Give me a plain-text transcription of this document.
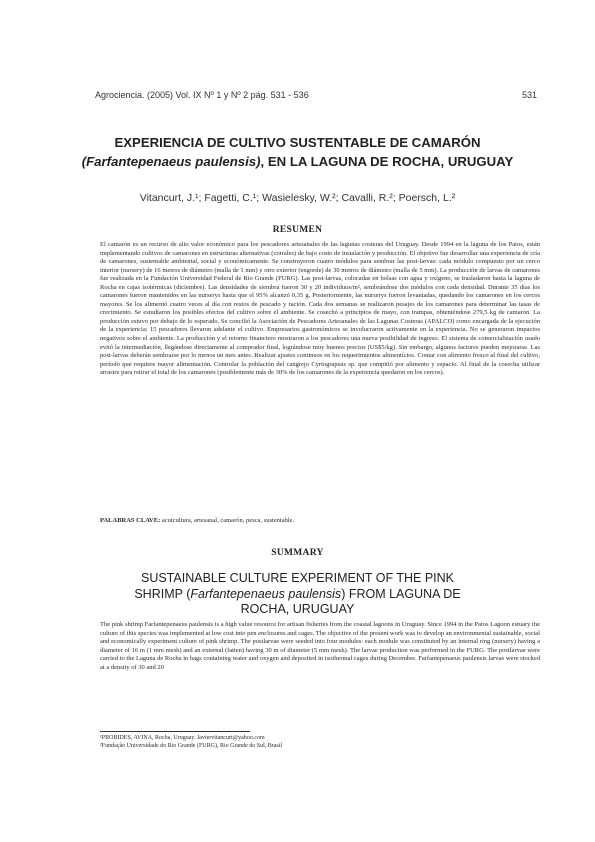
Agrociencia. (2005) Vol. IX Nº 1 y Nº 2 pág. 531 - 536	531
EXPERIENCIA DE CULTIVO SUSTENTABLE DE CAMARÓN
(Farfantepenaeus paulensis), EN LA LAGUNA DE ROCHA, URUGUAY
Vitancurt, J.¹; Fagetti, C.¹; Wasielesky, W.²; Cavalli, R.²; Poersch, L.²
RESUMEN

El camarón es un recurso de alto valor económico para los pescadores artesanales de las lagunas costeras del Uruguay. Desde 1994 en la laguna de los Patos, están implementando cultivos de camarones en estructuras alternativas (corrales) de bajo costo de instalación y producción. El objetivo fue desarrollar una experiencia de cría de camarones, sustentable ambiental, social y económicamente. Se construyeron cuatro módulos para sembrar las post-larvas: cada módulo compuesto por un cerco interior (nursery) de 16 metros de diámetro (malla de 1 mm) y otro exterior (engorde) de 30 metros de diámetro (malla de 5 mm). La producción de larvas de camarones fue realizada en la Fundación Universidad Federal de Río Grande (FURG). Las post-larvas, colocadas en bolsas con agua y oxígeno, se trasladaron hasta la laguna de Rocha en cajas isotérmicas (diciembre). Las densidades de siembra fueron 30 y 20 individuos/m², sembrándose dos módulos con cada densidad. Durante 35 días los camarones fueron mantenidos en las nurserys hasta que el 95% alcanzó 0,35 g. Posteriormente, las nurserys fueron levantadas, quedando los camarones en los cercos mayores. Se los alimentó cuatro veces al día con restos de pescado y ración. Cada dos semanas se realizaron pesajes de los camarones para determinar las tasas de crecimiento. Se estudiaron los posibles efectos del cultivo sobre el ambiente. Se cosechó a principios de mayo, con trampas, obteniéndose 279,5 kg de camarón. La producción estuvo por debajo de lo esperado. Se concilió la Asociación de Pescadores Artesanales de las Lagunas Costeras (APALCO) como encargada de la ejecución de la experiencia; 15 pescadores llevaron adelante el cultivo. Empresarios gastronómicos se involucraron activamente en la experiencia. No se generaron impactos negativos sobre el ambiente. La producción y el retorno financiero mostraron a los pescadores una nueva posibilidad de ingreso. El sistema de comercialización usado evitó la intermediación, llegándose directamente al comprador final, lográndose muy buenos precios (US$5/kg). Sin embargo, algunos factores pueden mejorarse. Las post-larvas deberán sembrarse por lo menos un mes antes. Realizar ajustes continuos en los requerimientos alimentícios. Contar con alimento fresco al final del cultivo, período que requiere mayor alimentación. Controlar la población del cangrejo Cyrtograpsus sp. que compitió por alimento y espacio. Al final de la cosecha utilizar arrastre para retirar el total de los camarones (posiblemente más de 30% de los camarones de la experiencia quedaron en los cercos).

PALABRAS CLAVE: acuicultura, artesanal, camarón, pesca, sustentable.
SUMMARY
SUSTAINABLE CULTURE EXPERIMENT OF THE PINK
SHRIMP (Farfantepenaeus paulensis) FROM LAGUNA DE
ROCHA, URUGUAY

The pink shrimp Farfantepenaeus paulensis is a high value resource for artisan fisheries from the coastal lagoons in Uruguay. Since 1994 in the Patos Lagoon estuary the culture of this species was implemented at low cost into pen enclosures and cages. The objective of the present work was to develop an environmental sustainable, social and economically experiment culture of pink shrimp. The postlarvae were seeded into four modules: each module was constituted by an internal ring (nursery) having a diameter of 16 m (1 mm mesh) and an external (fatten) having 30 m of diameter (5 mm mesh). The larvae production was performed in the FURG. The postlarvae were carried to the Laguna de Rocha in bags containing water and oxygen and deposited in isothermal cages during December. Farfantepenaeus paulensis larvae were stocked at a density of 30 and 20

¹PROBIDES, AVINA, Rocha, Uruguay. Javiervitancurt@yahoo.com
²Fundação Universidade do Rio Grande (FURG), Rio Grande do Sul, Brasil
